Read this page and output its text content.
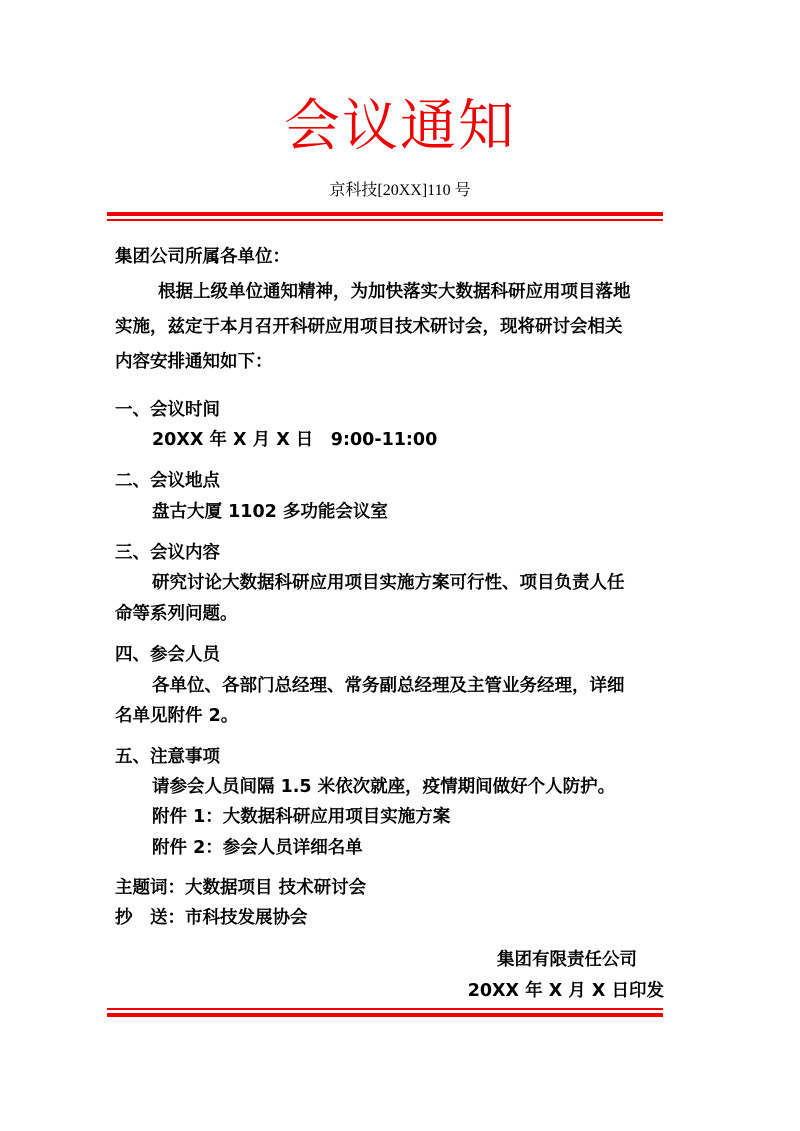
会议通知
京科技[20XX]110 号
集团公司所属各单位：
根据上级单位通知精神，为加快落实大数据科研应用项目落地
实施，兹定于本月召开科研应用项目技术研讨会，现将研讨会相关
内容安排通知如下：
一、会议时间
20XX 年 X 月 X 日　9:00-11:00
二、会议地点
盘古大厦 1102 多功能会议室
三、会议内容
研究讨论大数据科研应用项目实施方案可行性、项目负责人任
命等系列问题。
四、参会人员
各单位、各部门总经理、常务副总经理及主管业务经理，详细
名单见附件 2。
五、注意事项
请参会人员间隔 1.5 米依次就座，疫情期间做好个人防护。
附件 1：大数据科研应用项目实施方案
附件 2：参会人员详细名单
主题词：大数据项目 技术研讨会
抄　送：市科技发展协会
集团有限责任公司
20XX 年 X 月 X 日印发
